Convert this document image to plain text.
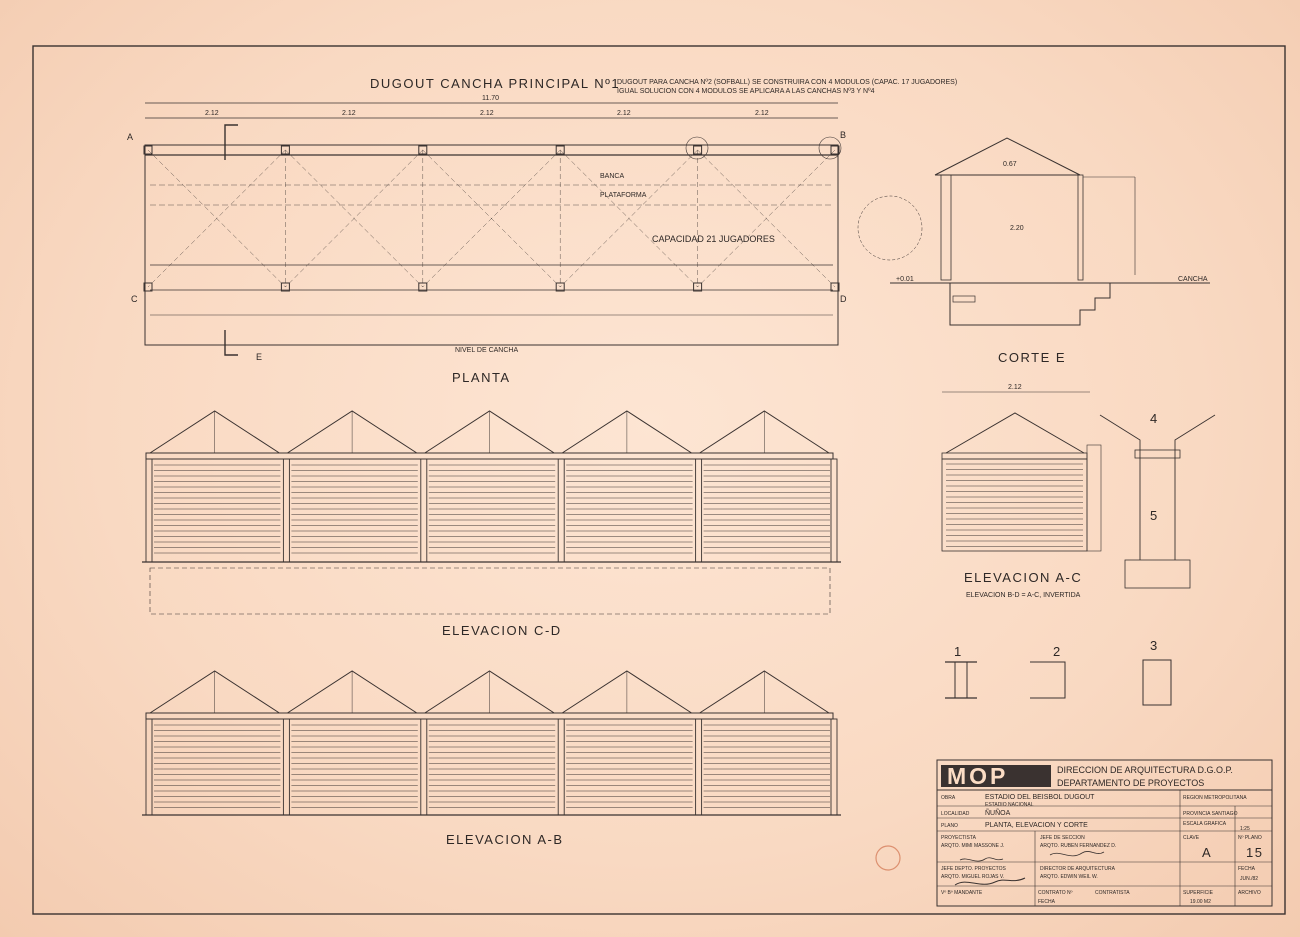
DUGOUT CANCHA PRINCIPAL Nº1
DUGOUT PARA CANCHA Nº2 (SOFBALL) SE CONSTRUIRA CON 4 MODULOS (CAPAC. 17 JUGADORES)
IGUAL SOLUCION CON 4 MODULOS SE APLICARA A LAS CANCHAS Nº3 Y Nº4
11.70
2.12	2.12	2.12	2.12	2.12
BANCA
PLATAFORMA
CAPACIDAD 21 JUGADORES
NIVEL DE CANCHA
A	B
C	D
E
PLANTA
2.20
0.67
+0.01	CANCHA
CORTE E
ELEVACION C-D
ELEVACION A-B
2.12
ELEVACION A-C
ELEVACION B-D = A-C, INVERTIDA
4
5
1	2	3
MOP	DIRECCION DE ARQUITECTURA D.G.O.P.
DEPARTAMENTO DE PROYECTOS
OBRA	ESTADIO DEL BEISBOL DUGOUT
ESTADIO NACIONAL
REGION METROPOLITANA
LOCALIDAD ÑUÑOA	PROVINCIA SANTIAGO
PLANO	PLANTA, ELEVACION Y CORTE	ESCALA GRAFICA
1:25
PROYECTISTA
ARQTO. MIMI MASSONE J.
JEFE DE SECCION
ARQTO. RUBEN FERNANDEZ D.
CLAVE
A
Nº PLANO
15
JEFE DEPTO. PROYECTOS
ARQTO. MIGUEL ROJAS V.
DIRECTOR DE ARQUITECTURA
ARQTO. EDWIN WEIL W.
FECHA
JUN./82
Vº Bº MANDANTE	CONTRATO Nº
FECHA
CONTRATISTA	SUPERFICIE
19.00 M2
ARCHIVO
